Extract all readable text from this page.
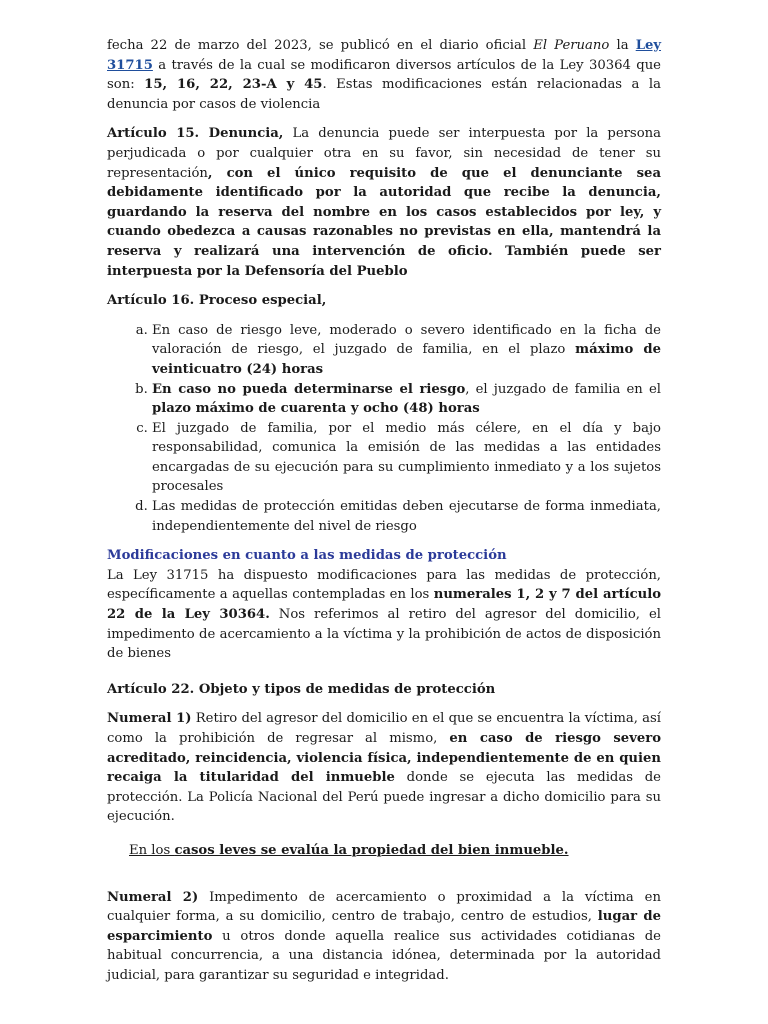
fecha 22 de marzo del 2023, se publicó en el diario oficial El Peruano la Ley 31715 a través de la cual se modificaron diversos artículos de la Ley 30364 que son: 15, 16, 22, 23-A y 45. Estas modificaciones están relacionadas a la denuncia por casos de violencia

Artículo 15. Denuncia, La denuncia puede ser interpuesta por la persona perjudicada o por cualquier otra en su favor, sin necesidad de tener su representación, con el único requisito de que el denunciante sea debidamente identificado por la autoridad que recibe la denuncia, guardando la reserva del nombre en los casos establecidos por ley, y cuando obedezca a causas razonables no previstas en ella, mantendrá la reserva y realizará una intervención de oficio. También puede ser interpuesta por la Defensoría del Pueblo

Artículo 16. Proceso especial,

a. En caso de riesgo leve, moderado o severo identificado en la ficha de valoración de riesgo, el juzgado de familia, en el plazo máximo de veinticuatro (24) horas
b. En caso no pueda determinarse el riesgo, el juzgado de familia en el plazo máximo de cuarenta y ocho (48) horas
c. El juzgado de familia, por el medio más célere, en el día y bajo responsabilidad, comunica la emisión de las medidas a las entidades encargadas de su ejecución para su cumplimiento inmediato y a los sujetos procesales
d. Las medidas de protección emitidas deben ejecutarse de forma inmediata, independientemente del nivel de riesgo

Modificaciones en cuanto a las medidas de protección

La Ley 31715 ha dispuesto modificaciones para las medidas de protección, específicamente a aquellas contempladas en los numerales 1, 2 y 7 del artículo 22 de la Ley 30364. Nos referimos al retiro del agresor del domicilio, el impedimento de acercamiento a la víctima y la prohibición de actos de disposición de bienes

Artículo 22. Objeto y tipos de medidas de protección

Numeral 1) Retiro del agresor del domicilio en el que se encuentra la víctima, así como la prohibición de regresar al mismo, en caso de riesgo severo acreditado, reincidencia, violencia física, independientemente de en quien recaiga la titularidad del inmueble donde se ejecuta las medidas de protección. La Policía Nacional del Perú puede ingresar a dicho domicilio para su ejecución.

En los casos leves se evalúa la propiedad del bien inmueble.

Numeral 2) Impedimento de acercamiento o proximidad a la víctima en cualquier forma, a su domicilio, centro de trabajo, centro de estudios, lugar de esparcimiento u otros donde aquella realice sus actividades cotidianas de habitual concurrencia, a una distancia idónea, determinada por la autoridad judicial, para garantizar su seguridad e integridad.
